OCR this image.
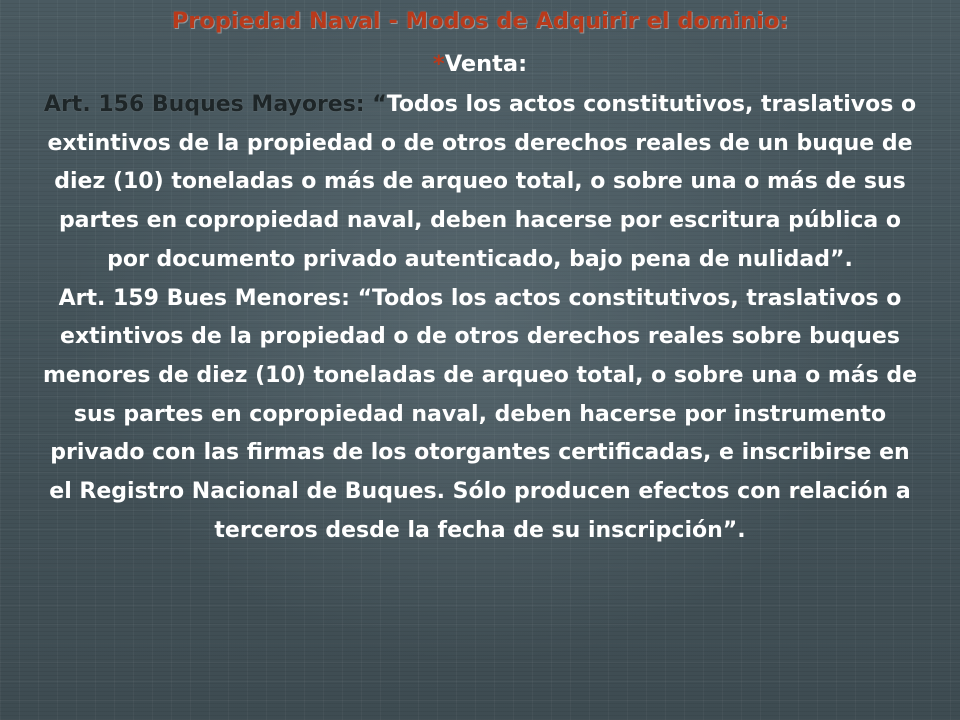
Propiedad Naval - Modos de Adquirir el dominio:
*Venta:

Art. 156 Buques Mayores: “Todos los actos constitutivos, traslativos o extintivos de la propiedad o de otros derechos reales de un buque de diez (10) toneladas o más de arqueo total, o sobre una o más de sus partes en copropiedad naval, deben hacerse por escritura pública o por documento privado autenticado, bajo pena de nulidad”.

Art. 159 Bues Menores: “Todos los actos constitutivos, traslativos o extintivos de la propiedad o de otros derechos reales sobre buques menores de diez (10) toneladas de arqueo total, o sobre una o más de sus partes en copropiedad naval, deben hacerse por instrumento privado con las firmas de los otorgantes certificadas, e inscribirse en el Registro Nacional de Buques. Sólo producen efectos con relación a terceros desde la fecha de su inscripción”.
